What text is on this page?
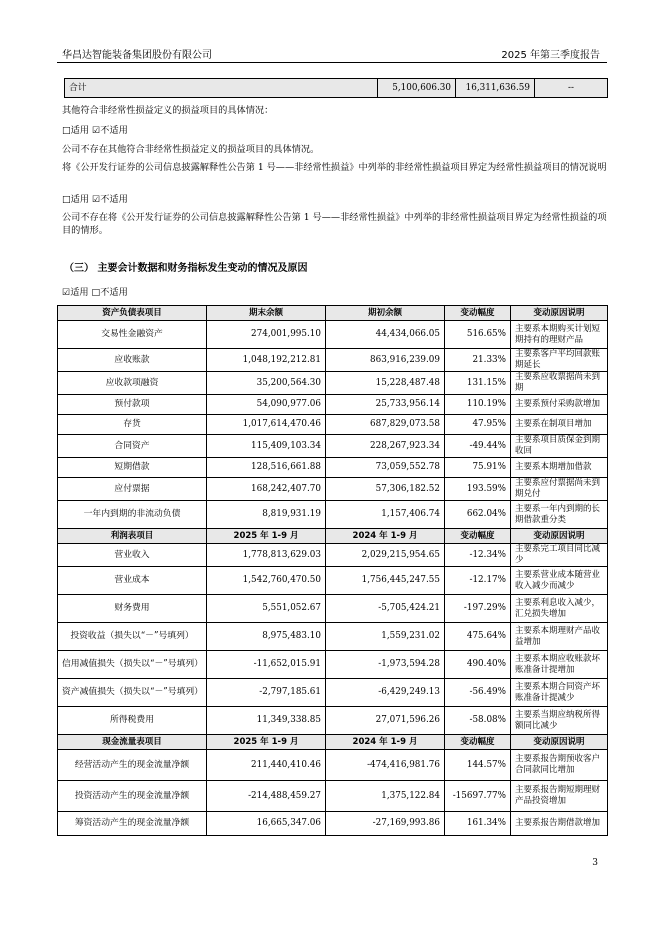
华昌达智能装备集团股份有限公司	2025 年第三季度报告
合计	5,100,606.30	16,311,636.59	--
其他符合非经常性损益定义的损益项目的具体情况：
□适用 ☑不适用
公司不存在其他符合非经常性损益定义的损益项目的具体情况。
将《公开发行证券的公司信息披露解释性公告第 1 号——非经常性损益》中列举的非经常性损益项目界定为经常性损益项目的情况说明
□适用 ☑不适用
公司不存在将《公开发行证券的公司信息披露解释性公告第 1 号——非经常性损益》中列举的非经常性损益项目界定为经常性损益的项目的情形。
（三） 主要会计数据和财务指标发生变动的情况及原因
☑适用 □不适用
资产负债表项目	期末余额	期初余额	变动幅度	变动原因说明
交易性金融资产	274,001,995.10	44,434,066.05	516.65%	主要系本期购买计划短期持有的理财产品
应收账款	1,048,192,212.81	863,916,239.09	21.33%	主要系客户平均回款账期延长
应收款项融资	35,200,564.30	15,228,487.48	131.15%	主要系应收票据尚未到期
预付款项	54,090,977.06	25,733,956.14	110.19%	主要系预付采购款增加
存货	1,017,614,470.46	687,829,073.58	47.95%	主要系在制项目增加
合同资产	115,409,103.34	228,267,923.34	-49.44%	主要系项目质保金到期收回
短期借款	128,516,661.88	73,059,552.78	75.91%	主要系本期增加借款
应付票据	168,242,407.70	57,306,182.52	193.59%	主要系应付票据尚未到期兑付
一年内到期的非流动负债	8,819,931.19	1,157,406.74	662.04%	主要系一年内到期的长期借款重分类
利润表项目	2025 年 1-9 月	2024 年 1-9 月	变动幅度	变动原因说明
营业收入	1,778,813,629.03	2,029,215,954.65	-12.34%	主要系完工项目同比减少
营业成本	1,542,760,470.50	1,756,445,247.55	-12.17%	主要系营业成本随营业收入减少而减少
财务费用	5,551,052.67	-5,705,424.21	-197.29%	主要系利息收入减少，汇兑损失增加
投资收益（损失以“－”号填列）	8,975,483.10	1,559,231.02	475.64%	主要系本期理财产品收益增加
信用减值损失（损失以“－”号填列）	-11,652,015.91	-1,973,594.28	490.40%	主要系本期应收账款坏账准备计提增加
资产减值损失（损失以“－”号填列）	-2,797,185.61	-6,429,249.13	-56.49%	主要系本期合同资产坏账准备计提减少
所得税费用	11,349,338.85	27,071,596.26	-58.08%	主要系当期应纳税所得额同比减少
现金流量表项目	2025 年 1-9 月	2024 年 1-9 月	变动幅度	变动原因说明
经营活动产生的现金流量净额	211,440,410.46	-474,416,981.76	144.57%	主要系报告期预收客户合同款同比增加
投资活动产生的现金流量净额	-214,488,459.27	1,375,122.84	-15697.77%	主要系报告期短期理财产品投资增加
筹资活动产生的现金流量净额	16,665,347.06	-27,169,993.86	161.34%	主要系报告期借款增加
3
